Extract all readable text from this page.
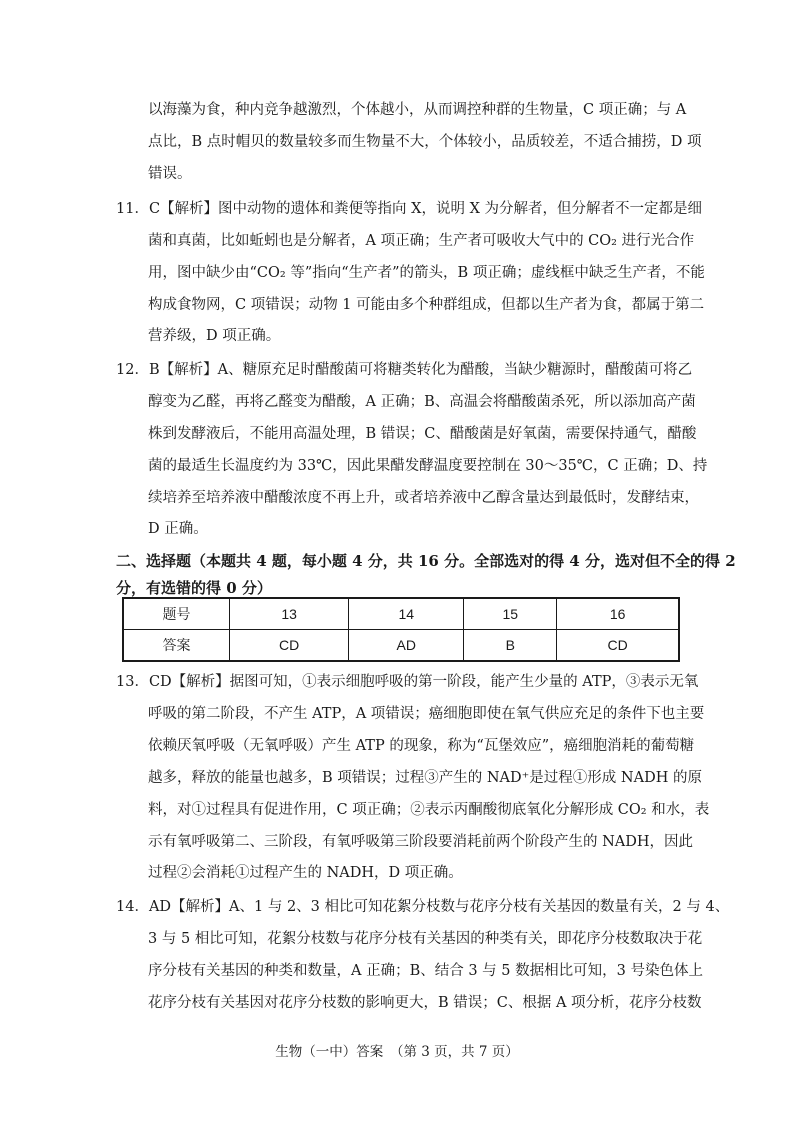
以海藻为食，种内竞争越激烈，个体越小，从而调控种群的生物量，C 项正确；与 A
点比，B 点时帽贝的数量较多而生物量不大，个体较小，品质较差，不适合捕捞，D 项
错误。
11．C【解析】图中动物的遗体和粪便等指向 X，说明 X 为分解者，但分解者不一定都是细
菌和真菌，比如蚯蚓也是分解者，A 项正确；生产者可吸收大气中的 CO₂ 进行光合作
用，图中缺少由“CO₂ 等”指向“生产者”的箭头，B 项正确；虚线框中缺乏生产者，不能
构成食物网，C 项错误；动物 1 可能由多个种群组成，但都以生产者为食，都属于第二
营养级，D 项正确。
12．B【解析】A、糖原充足时醋酸菌可将糖类转化为醋酸，当缺少糖源时，醋酸菌可将乙
醇变为乙醛，再将乙醛变为醋酸，A 正确；B、高温会将醋酸菌杀死，所以添加高产菌
株到发酵液后，不能用高温处理，B 错误；C、醋酸菌是好氧菌，需要保持通气，醋酸
菌的最适生长温度约为 33℃，因此果醋发酵温度要控制在 30～35℃，C 正确；D、持
续培养至培养液中醋酸浓度不再上升，或者培养液中乙醇含量达到最低时，发酵结束，
D 正确。
二、选择题（本题共 4 题，每小题 4 分，共 16 分。全部选对的得 4 分，选对但不全的得 2
分，有选错的得 0 分）
题号	13	14	15	16
答案	CD	AD	B	CD
13．CD【解析】据图可知，①表示细胞呼吸的第一阶段，能产生少量的 ATP，③表示无氧
呼吸的第二阶段，不产生 ATP，A 项错误；癌细胞即使在氧气供应充足的条件下也主要
依赖厌氧呼吸（无氧呼吸）产生 ATP 的现象，称为“瓦堡效应”，癌细胞消耗的葡萄糖
越多，释放的能量也越多，B 项错误；过程③产生的 NAD⁺是过程①形成 NADH 的原
料，对①过程具有促进作用，C 项正确；②表示丙酮酸彻底氧化分解形成 CO₂ 和水，表
示有氧呼吸第二、三阶段，有氧呼吸第三阶段要消耗前两个阶段产生的 NADH，因此
过程②会消耗①过程产生的 NADH，D 项正确。
14．AD【解析】A、1 与 2、3 相比可知花絮分枝数与花序分枝有关基因的数量有关，2 与 4、
3 与 5 相比可知，花絮分枝数与花序分枝有关基因的种类有关，即花序分枝数取决于花
序分枝有关基因的种类和数量，A 正确；B、结合 3 与 5 数据相比可知，3 号染色体上
花序分枝有关基因对花序分枝数的影响更大，B 错误；C、根据 A 项分析，花序分枝数
生物（一中）答案　（第 3 页，共 7 页）
